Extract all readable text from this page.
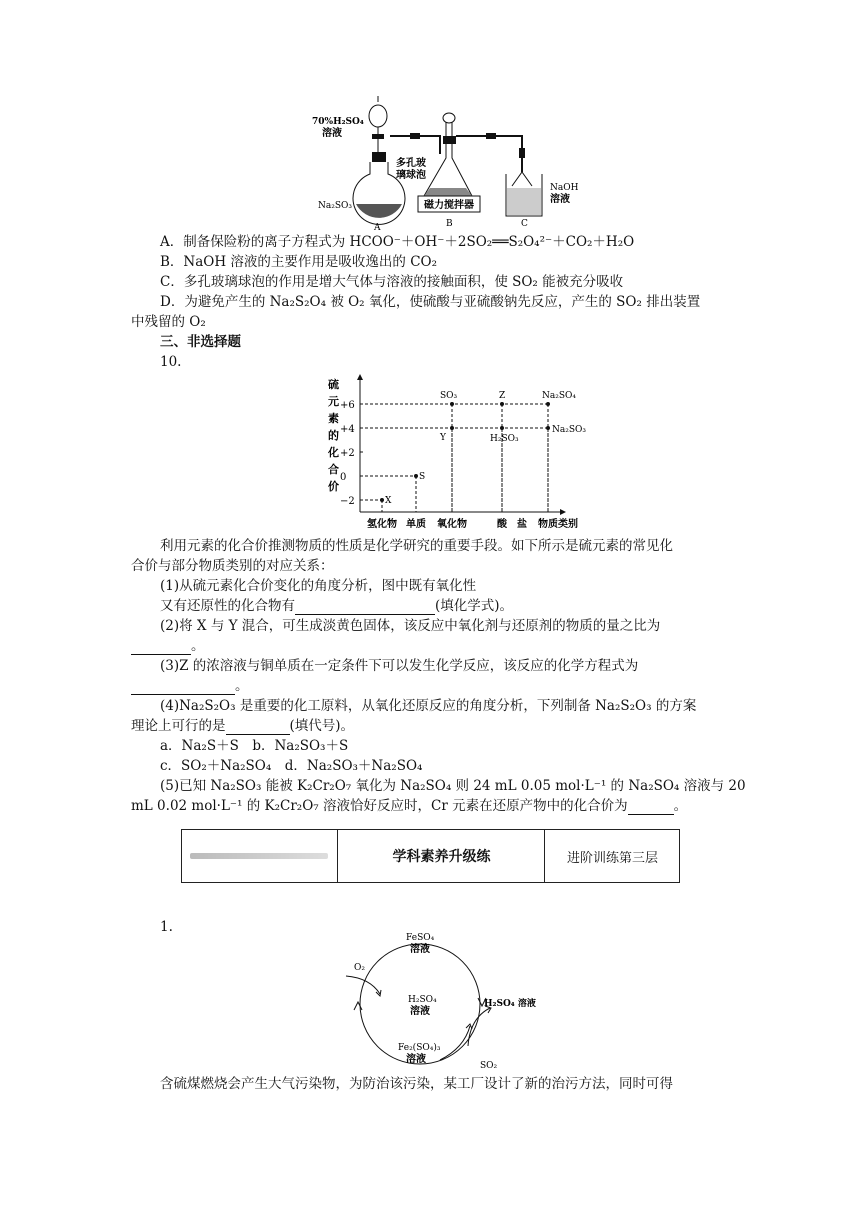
70%H₂SO₄
溶液
Na₂SO₃
A
多孔玻
璃球泡
磁力搅拌器
B
NaOH
溶液
C
A．制备保险粉的离子方程式为 HCOO⁻＋OH⁻＋2SO₂══S₂O₄²⁻＋CO₂＋H₂O
B．NaOH 溶液的主要作用是吸收逸出的 CO₂
C．多孔玻璃球泡的作用是增大气体与溶液的接触面积，使 SO₂ 能被充分吸收
D．为避免产生的 Na₂S₂O₄ 被 O₂ 氧化，使硫酸与亚硫酸钠先反应，产生的 SO₂ 排出装置
中残留的 O₂
三、非选择题
10.
硫
元
素
的
化
合
价
+6
+4
+2
0
−2	X
S
Y
SO₃
H₂SO₃
Z
Na₂SO₃
Na₂SO₄
氢化物 单质 氧化物	酸 盐 物质类别
利用元素的化合价推测物质的性质是化学研究的重要手段。如下所示是硫元素的常见化
合价与部分物质类别的对应关系：
(1)从硫元素化合价变化的角度分析，图中既有氧化性
又有还原性的化合物有	(填化学式)。
(2)将 X 与 Y 混合，可生成淡黄色固体，该反应中氧化剂与还原剂的物质的量之比为
。
(3)Z 的浓溶液与铜单质在一定条件下可以发生化学反应，该反应的化学方程式为
。
(4)Na₂S₂O₃ 是重要的化工原料，从氧化还原反应的角度分析，下列制备 Na₂S₂O₃ 的方案
理论上可行的是	(填代号)。
a．Na₂S＋S　b．Na₂SO₃＋S
c．SO₂＋Na₂SO₄　d．Na₂SO₃＋Na₂SO₄
(5)已知 Na₂SO₃ 能被 K₂Cr₂O₇ 氧化为 Na₂SO₄ 则 24 mL 0.05 mol·L⁻¹ 的 Na₂SO₄ 溶液与 20
mL 0.02 mol·L⁻¹ 的 K₂Cr₂O₇ 溶液恰好反应时，Cr 元素在还原产物中的化合价为	。
学科素养升级练	进阶训练第三层
1.
FeSO₄
溶液
O₂
H₂SO₄
溶液
H₂SO₄ 溶液
Fe₂(SO₄)₃
溶液
SO₂
含硫煤燃烧会产生大气污染物，为防治该污染，某工厂设计了新的治污方法，同时可得
